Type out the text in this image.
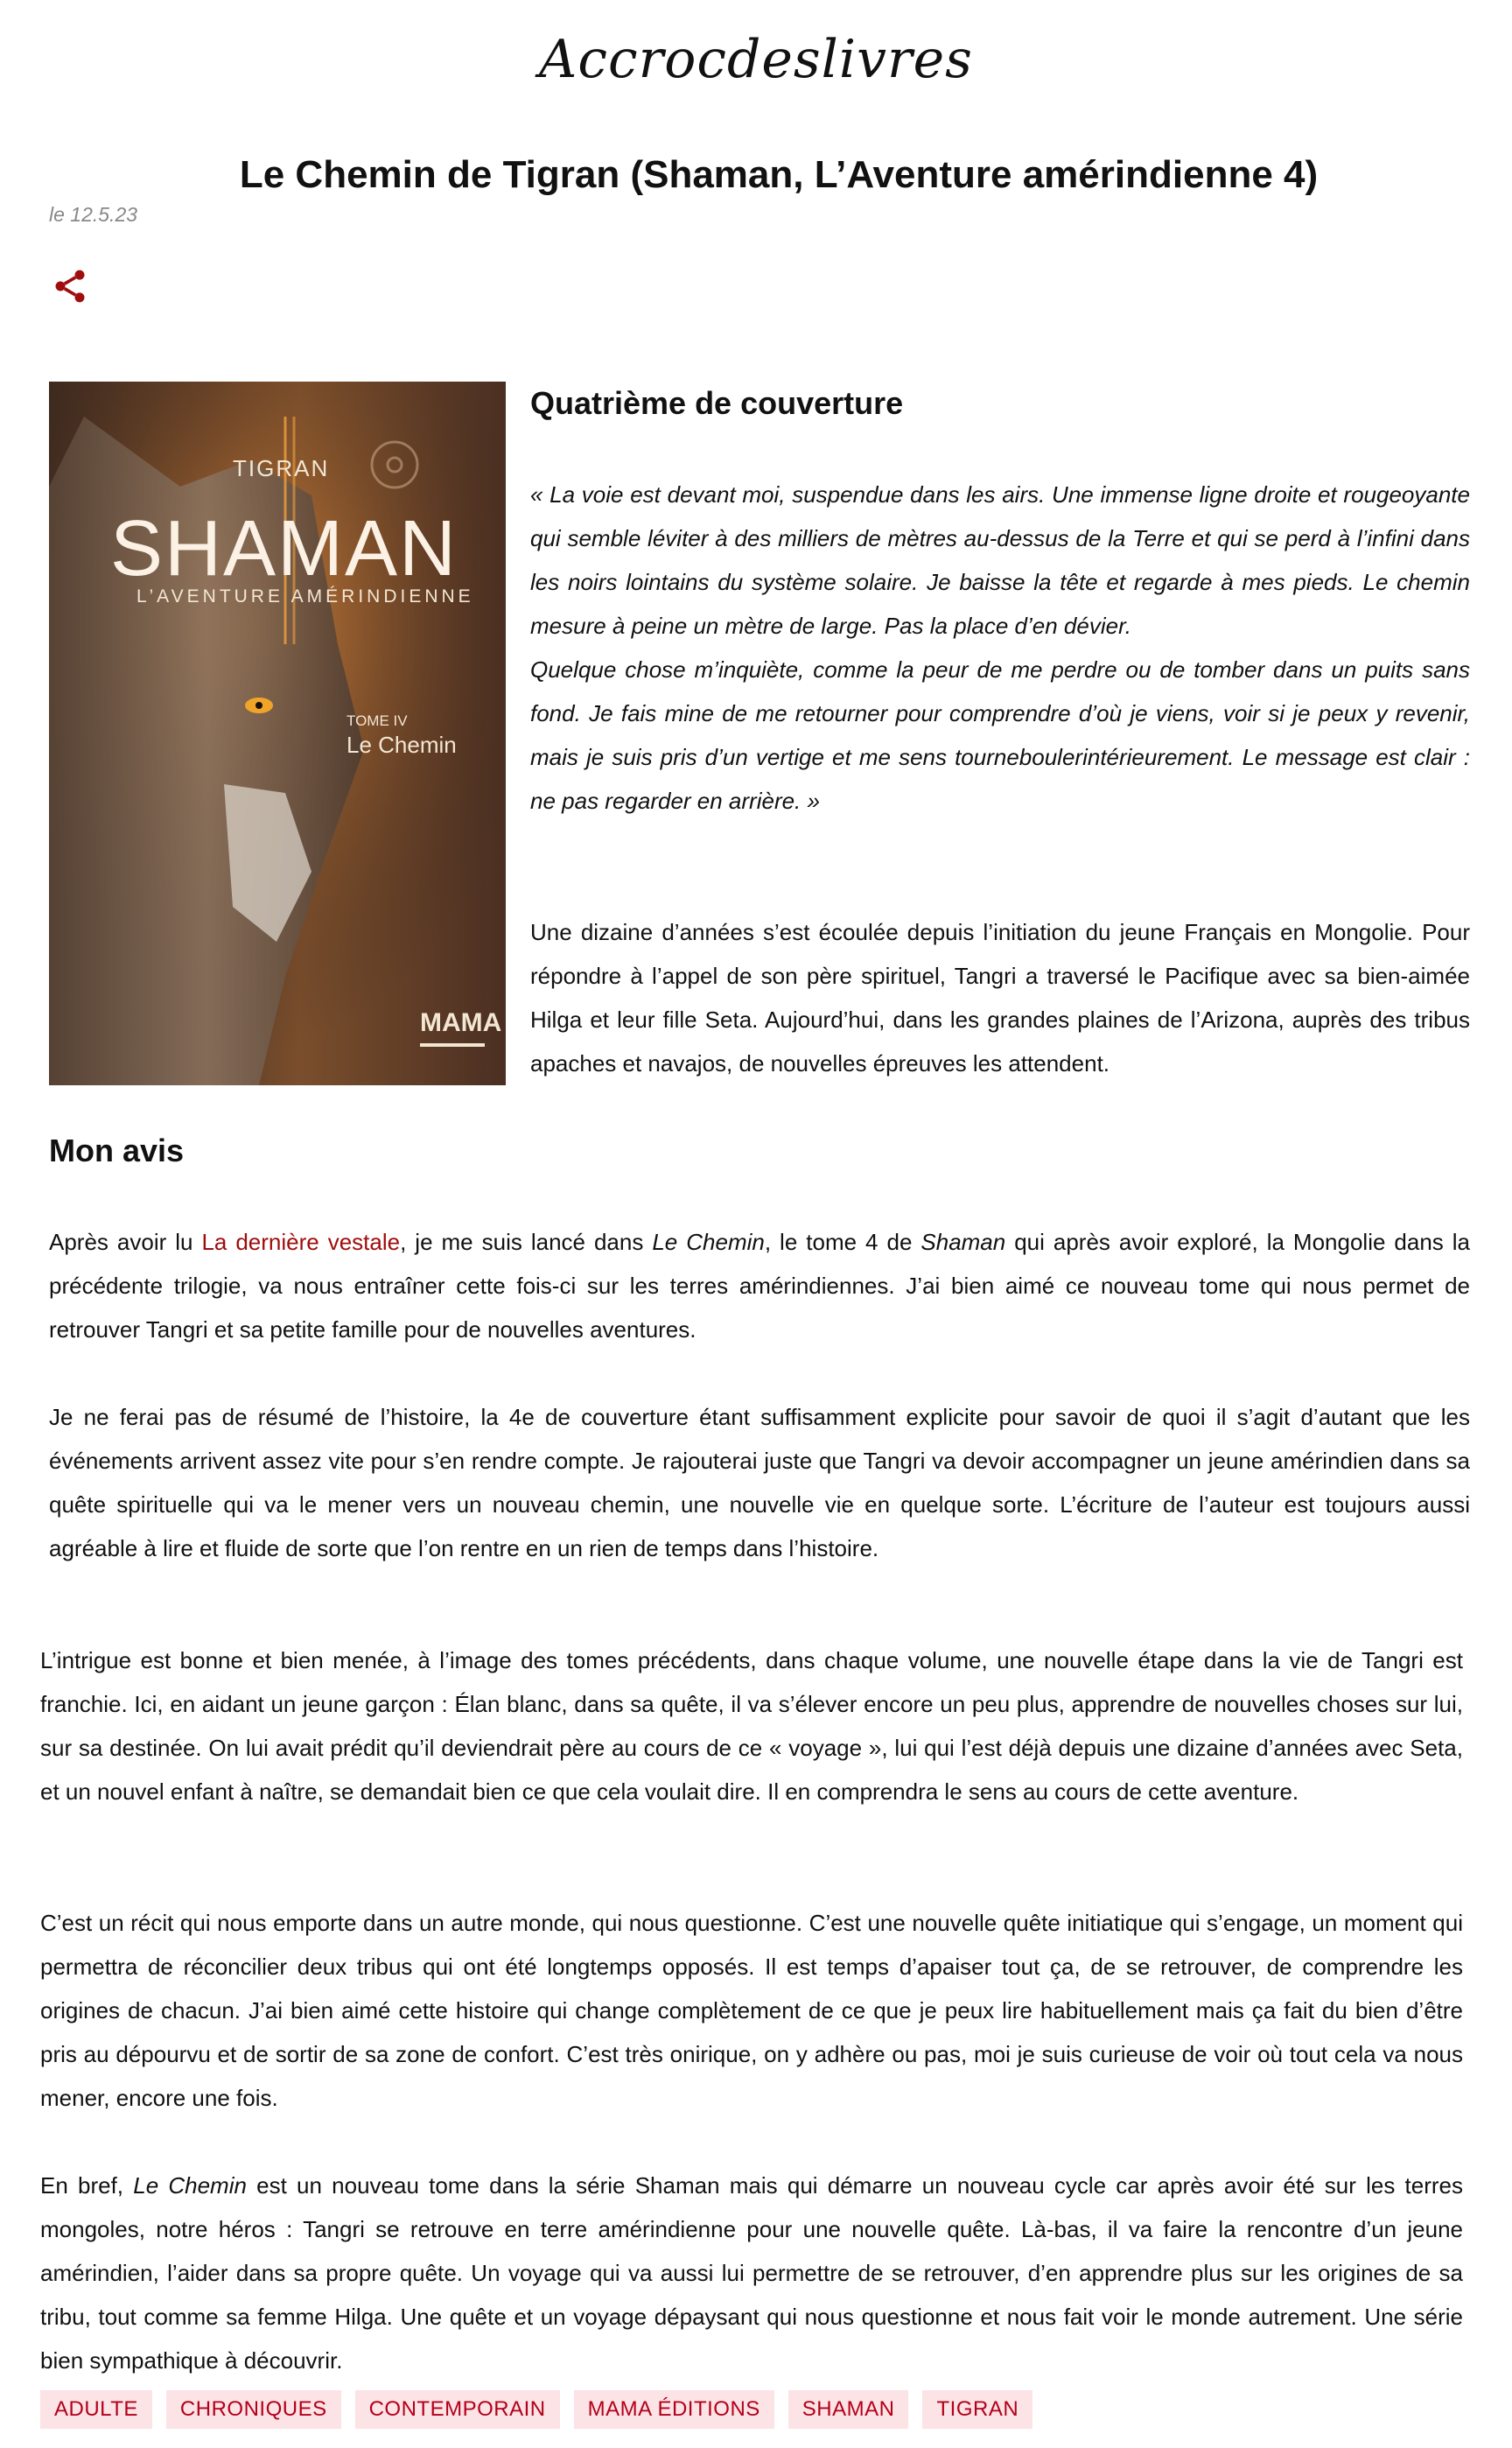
Accrocdeslivres
Le Chemin de Tigran (Shaman, L’Aventure amérindienne 4)
le 12.5.23
TIGRAN
SHAMAN
L’AVENTURE AMÉRINDIENNE
TOME IV
Le Chemin
MAMA
Quatrième de couverture
« La voie est devant moi, suspendue dans les airs. Une immense ligne droite et rougeoyante qui semble léviter à des milliers de mètres au-dessus de la Terre et qui se perd à l’infini dans les noirs lointains du système solaire. Je baisse la tête et regarde à mes pieds. Le chemin mesure à peine un mètre de large. Pas la place d’en dévier.
Quelque chose m’inquiète, comme la peur de me perdre ou de tomber dans un puits sans fond. Je fais mine de me retourner pour comprendre d’où je viens, voir si je peux y revenir, mais je suis pris d’un vertige et me sens tourneboulerintérieurement. Le message est clair : ne pas regarder en arrière. »

Une dizaine d’années s’est écoulée depuis l’initiation du jeune Français en Mongolie. Pour répondre à l’appel de son père spirituel, Tangri a traversé le Pacifique avec sa bien-aimée Hilga et leur fille Seta. Aujourd’hui, dans les grandes plaines de l’Arizona, auprès des tribus apaches et navajos, de nouvelles épreuves les attendent.

Mon avis

Après avoir lu La dernière vestale, je me suis lancé dans Le Chemin, le tome 4 de Shaman qui après avoir exploré, la Mongolie dans la précédente trilogie, va nous entraîner cette fois-ci sur les terres amérindiennes. J’ai bien aimé ce nouveau tome qui nous permet de retrouver Tangri et sa petite famille pour de nouvelles aventures.

Je ne ferai pas de résumé de l’histoire, la 4e de couverture étant suffisamment explicite pour savoir de quoi il s’agit d’autant que les événements arrivent assez vite pour s’en rendre compte. Je rajouterai juste que Tangri va devoir accompagner un jeune amérindien dans sa quête spirituelle qui va le mener vers un nouveau chemin, une nouvelle vie en quelque sorte. L’écriture de l’auteur est toujours aussi agréable à lire et fluide de sorte que l’on rentre en un rien de temps dans l’histoire.

L’intrigue est bonne et bien menée, à l’image des tomes précédents, dans chaque volume, une nouvelle étape dans la vie de Tangri est franchie. Ici, en aidant un jeune garçon : Élan blanc, dans sa quête, il va s’élever encore un peu plus, apprendre de nouvelles choses sur lui, sur sa destinée. On lui avait prédit qu’il deviendrait père au cours de ce « voyage », lui qui l’est déjà depuis une dizaine d’années avec Seta, et un nouvel enfant à naître, se demandait bien ce que cela voulait dire. Il en comprendra le sens au cours de cette aventure.

C’est un récit qui nous emporte dans un autre monde, qui nous questionne. C’est une nouvelle quête initiatique qui s’engage, un moment qui permettra de réconcilier deux tribus qui ont été longtemps opposés. Il est temps d’apaiser tout ça, de se retrouver, de comprendre les origines de chacun. J’ai bien aimé cette histoire qui change complètement de ce que je peux lire habituellement mais ça fait du bien d’être pris au dépourvu et de sortir de sa zone de confort. C’est très onirique, on y adhère ou pas, moi je suis curieuse de voir où tout cela va nous mener, encore une fois.

En bref, Le Chemin est un nouveau tome dans la série Shaman mais qui démarre un nouveau cycle car après avoir été sur les terres mongoles, notre héros : Tangri se retrouve en terre amérindienne pour une nouvelle quête. Là-bas, il va faire la rencontre d’un jeune amérindien, l’aider dans sa propre quête. Un voyage qui va aussi lui permettre de se retrouver, d’en apprendre plus sur les origines de sa tribu, tout comme sa femme Hilga. Une quête et un voyage dépaysant qui nous questionne et nous fait voir le monde autrement. Une série bien sympathique à découvrir.

ADULTE	CHRONIQUES	CONTEMPORAIN	MAMA ÉDITIONS	SHAMAN	TIGRAN
